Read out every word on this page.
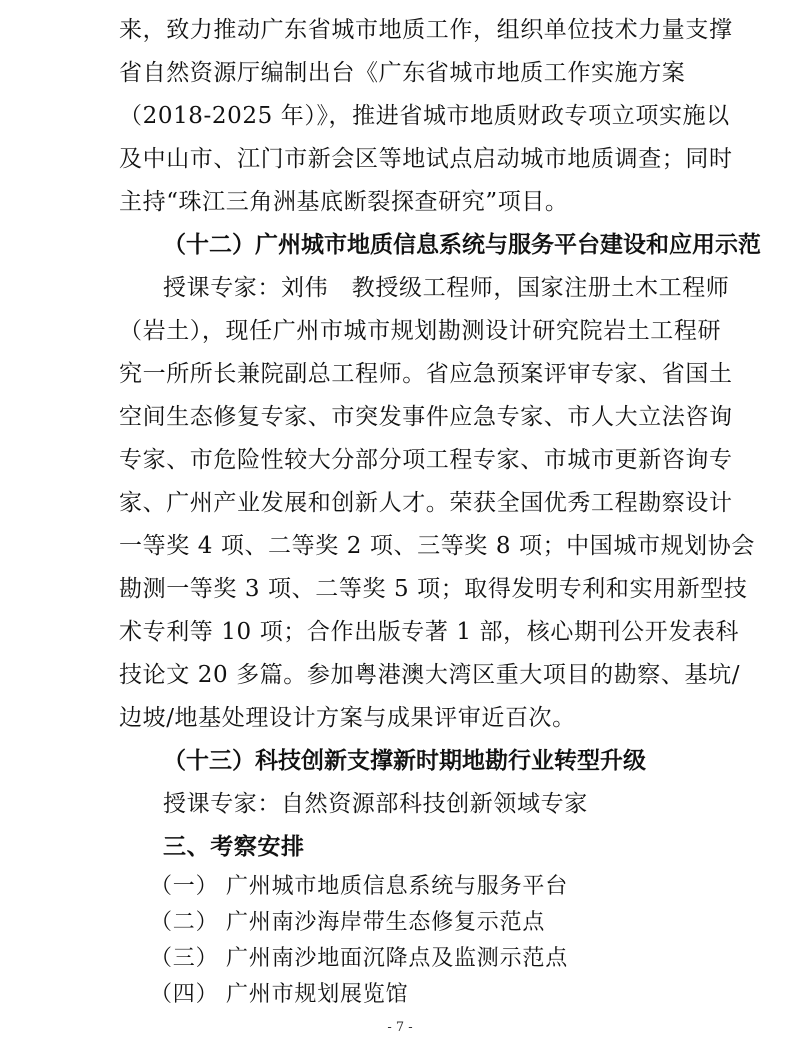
来，致力推动广东省城市地质工作，组织单位技术力量支撑
省自然资源厅编制出台《广东省城市地质工作实施方案
（2018-2025 年）》，推进省城市地质财政专项立项实施以
及中山市、江门市新会区等地试点启动城市地质调查；同时
主持“珠江三角洲基底断裂探查研究”项目。
（十二）广州城市地质信息系统与服务平台建设和应用示范
授课专家：刘伟　教授级工程师，国家注册土木工程师
（岩土），现任广州市城市规划勘测设计研究院岩土工程研
究一所所长兼院副总工程师。省应急预案评审专家、省国土
空间生态修复专家、市突发事件应急专家、市人大立法咨询
专家、市危险性较大分部分项工程专家、市城市更新咨询专
家、广州产业发展和创新人才。荣获全国优秀工程勘察设计
一等奖 4 项、二等奖 2 项、三等奖 8 项；中国城市规划协会
勘测一等奖 3 项、二等奖 5 项；取得发明专利和实用新型技
术专利等 10 项；合作出版专著 1 部，核心期刊公开发表科
技论文 20 多篇。参加粤港澳大湾区重大项目的勘察、基坑/
边坡/地基处理设计方案与成果评审近百次。
（十三）科技创新支撑新时期地勘行业转型升级
授课专家：自然资源部科技创新领域专家
三、考察安排
- 7 -
（一） 广州城市地质信息系统与服务平台
（二） 广州南沙海岸带生态修复示范点
（三） 广州南沙地面沉降点及监测示范点
（四） 广州市规划展览馆
